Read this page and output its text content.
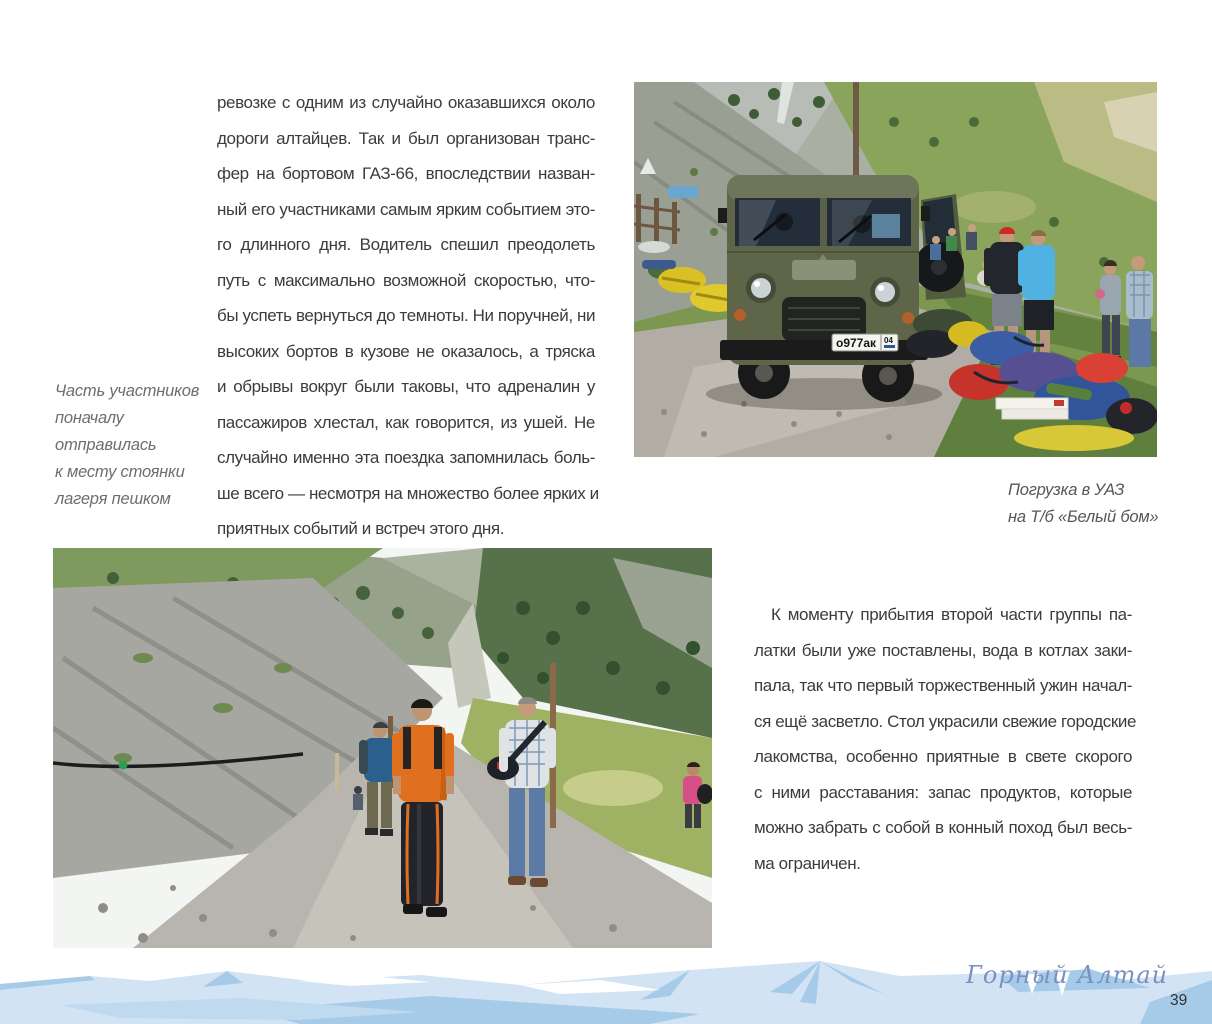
ревозке с одним из случайно оказавшихся около
дороги алтайцев. Так и был организован транс-
фер на бортовом ГАЗ-66, впоследствии назван-
ный его участниками самым ярким событием это-
го длинного дня. Водитель спешил преодолеть
путь с максимально возможной скоростью, что-
бы успеть вернуться до темноты. Ни поручней, ни
высоких бортов в кузове не оказалось, а тряска
и обрывы вокруг были таковы, что адреналин у
пассажиров хлестал, как говорится, из ушей. Не
случайно именно эта поездка запомнилась боль-
ше всего — несмотря на множество более ярких и
приятных событий и встреч этого дня.
Часть участников
поначалу
отправилась
к месту стоянки
лагеря пешком
о977ак 04
Погрузка в УАЗ
на Т/б «Белый бом»
К моменту прибытия второй части группы па-
латки были уже поставлены, вода в котлах заки-
пала, так что первый торжественный ужин начал-
ся ещё засветло. Стол украсили свежие городские
лакомства, особенно приятные в свете скорого
с ними расставания: запас продуктов, которые
можно забрать с собой в конный поход был весь-
ма ограничен.
Горный Алтай
39
